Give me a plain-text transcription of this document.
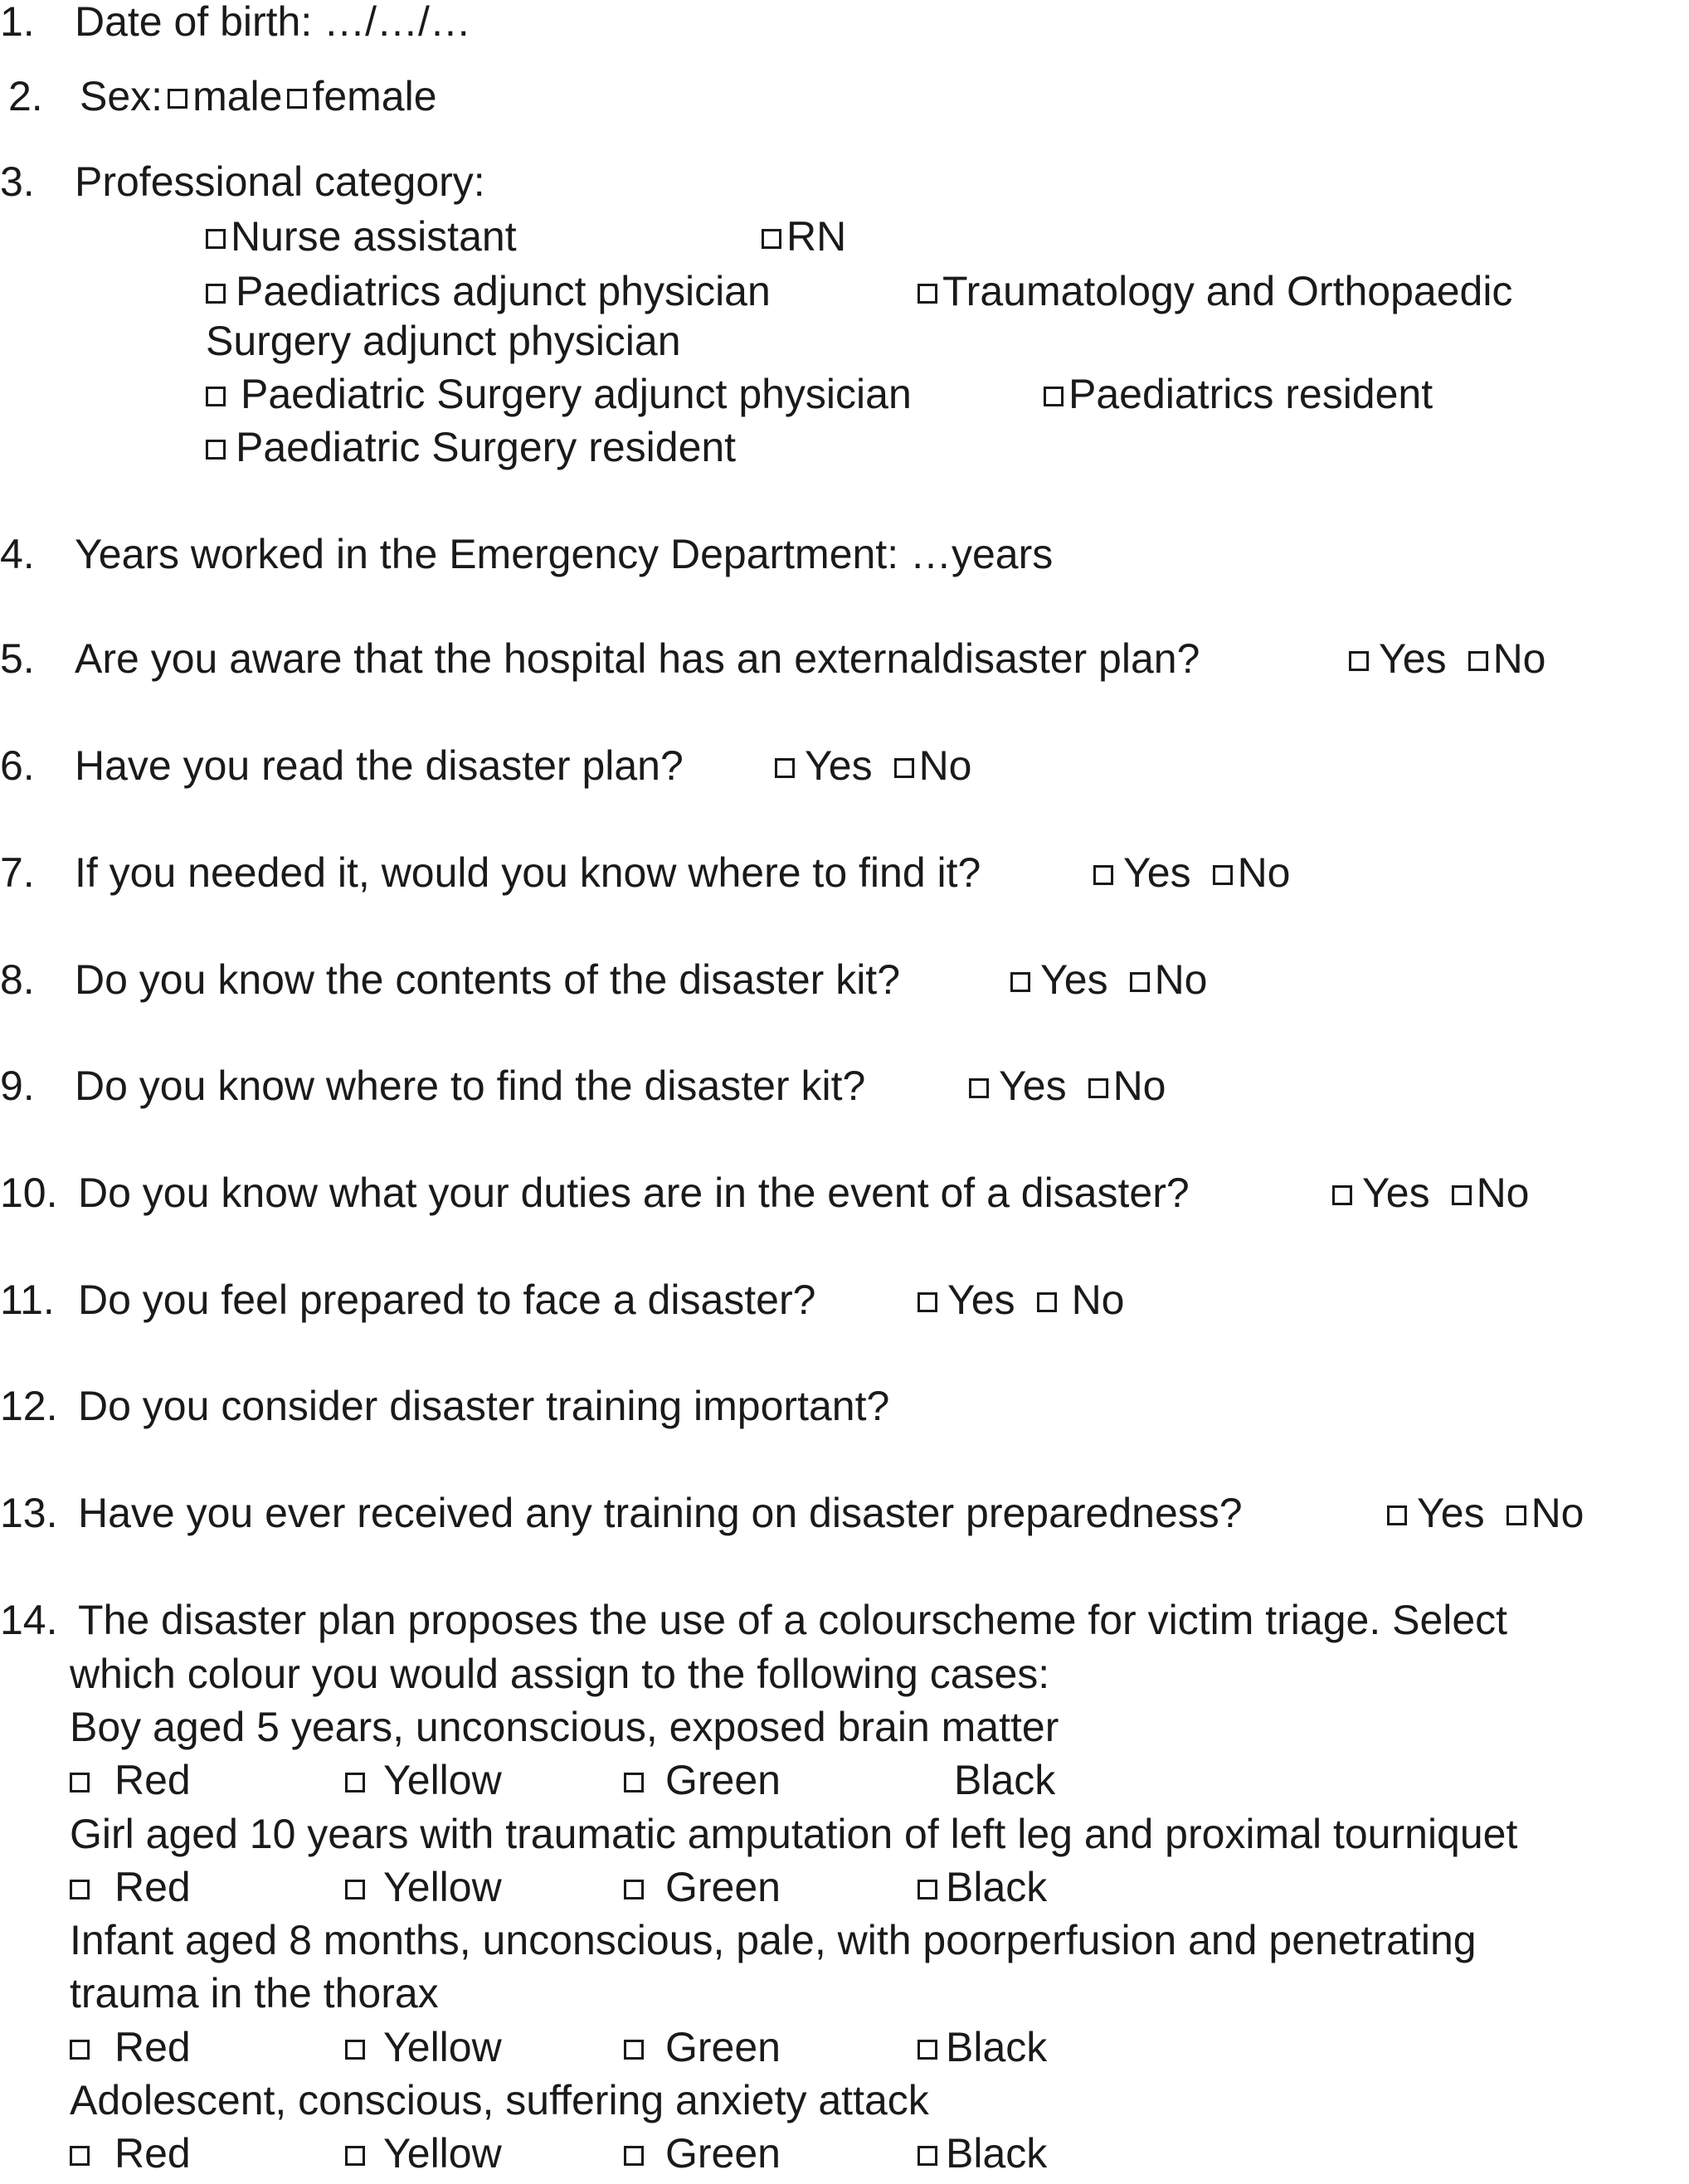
1. Date of birth: …/…/…
2. Sex: male female
3. Professional category:
Nurse assistant	RN
Paediatrics adjunct physician	Traumatology and Orthopaedic
Surgery adjunct physician
Paediatric Surgery adjunct physician	Paediatrics resident
Paediatric Surgery resident
4. Years worked in the Emergency Department: …years
5. Are you aware that the hospital has an externaldisaster plan?	Yes No
6. Have you read the disaster plan?	Yes No
7. If you needed it, would you know where to find it?	Yes No
8. Do you know the contents of the disaster kit?	Yes No
9. Do you know where to find the disaster kit?	Yes No
10. Do you know what your duties are in the event of a disaster?	Yes No
11. Do you feel prepared to face a disaster?	Yes No
12. Do you consider disaster training important?
13. Have you ever received any training on disaster preparedness?	Yes No
14. The disaster plan proposes the use of a colourscheme for victim triage. Select
which colour you would assign to the following cases:
Boy aged 5 years, unconscious, exposed brain matter
Red	Yellow	Green	Black
Girl aged 10 years with traumatic amputation of left leg and proximal tourniquet
Red	Yellow	Green	Black
Infant aged 8 months, unconscious, pale, with poorperfusion and penetrating
trauma in the thorax
Red	Yellow	Green	Black
Adolescent, conscious, suffering anxiety attack
Red	Yellow	Green	Black
